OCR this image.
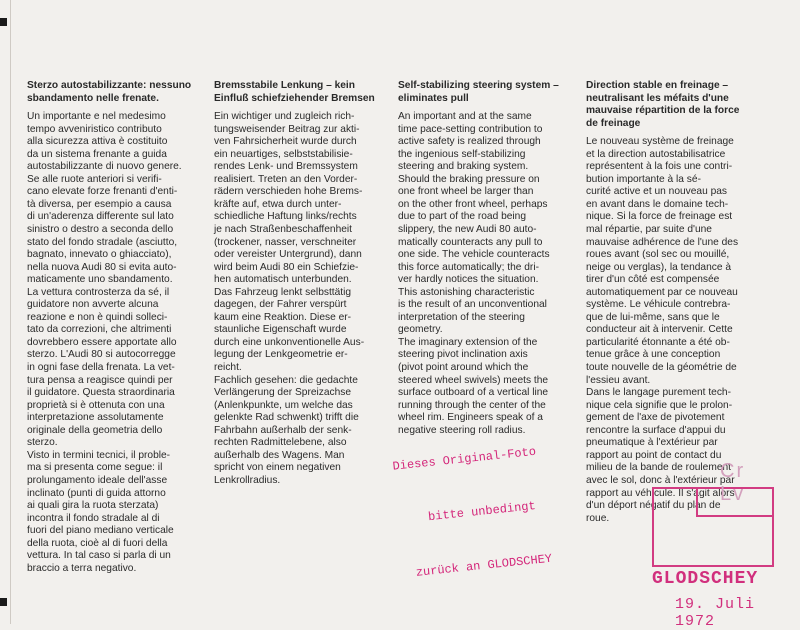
Sterzo autostabilizzante: nessuno
sbandamento nelle frenate.

Un importante e nel medesimo
tempo avveniristico contributo
alla sicurezza attiva è costituito
da un sistema frenante a guida
autostabilizzante di nuovo genere.
Se alle ruote anteriori si verifi-
cano elevate forze frenanti d'enti-
tà diversa, per esempio a causa
di un'aderenza differente sul lato
sinistro o destro a seconda dello
stato del fondo stradale (asciutto,
bagnato, innevato o ghiacciato),
nella nuova Audi 80 si evita auto-
maticamente uno sbandamento.
La vettura controsterza da sé, il
guidatore non avverte alcuna
reazione e non è quindi solleci-
tato da correzioni, che altrimenti
dovrebbero essere apportate allo
sterzo. L'Audi 80 si autocorregge
in ogni fase della frenata. La vet-
tura pensa a reagisce quindi per
il guidatore. Questa straordinaria
proprietà si è ottenuta con una
interpretazione assolutamente
originale della geometria dello
sterzo.
Visto in termini tecnici, il proble-
ma si presenta come segue: il
prolungamento ideale dell'asse
inclinato (punti di guida attorno
ai quali gira la ruota sterzata)
incontra il fondo stradale al di
fuori del piano mediano verticale
della ruota, cioè al di fuori della
vettura. In tal caso si parla di un
braccio a terra negativo.

Bremsstabile Lenkung – kein
Einfluß schiefziehender Bremsen

Ein wichtiger und zugleich rich-
tungsweisender Beitrag zur akti-
ven Fahrsicherheit wurde durch
ein neuartiges, selbststabilisie-
rendes Lenk- und Bremssystem
realisiert. Treten an den Vorder-
rädern verschieden hohe Brems-
kräfte auf, etwa durch unter-
schiedliche Haftung links/rechts
je nach Straßenbeschaffenheit
(trockener, nasser, verschneiter
oder vereister Untergrund), dann
wird beim Audi 80 ein Schiefzie-
hen automatisch unterbunden.
Das Fahrzeug lenkt selbsttätig
dagegen, der Fahrer verspürt
kaum eine Reaktion. Diese er-
staunliche Eigenschaft wurde
durch eine unkonventionelle Aus-
legung der Lenkgeometrie er-
reicht.
Fachlich gesehen: die gedachte
Verlängerung der Spreizachse
(Anlenkpunkte, um welche das
gelenkte Rad schwenkt) trifft die
Fahrbahn außerhalb der senk-
rechten Radmittelebene, also
außerhalb des Wagens. Man
spricht von einem negativen
Lenkrollradius.

Self-stabilizing steering system –
eliminates pull

An important and at the same
time pace-setting contribution to
active safety is realized through
the ingenious self-stabilizing
steering and braking system.
Should the braking pressure on
one front wheel be larger than
on the other front wheel, perhaps
due to part of the road being
slippery, the new Audi 80 auto-
matically counteracts any pull to
one side. The vehicle counteracts
this force automatically; the dri-
ver hardly notices the situation.
This astonishing characteristic
is the result of an unconventional
interpretation of the steering
geometry.
The imaginary extension of the
steering pivot inclination axis
(pivot point around which the
steered wheel swivels) meets the
surface outboard of a vertical line
running through the center of the
wheel rim. Engineers speak of a
negative steering roll radius.

Direction stable en freinage –
neutralisant les méfaits d'une
mauvaise répartition de la force
de freinage

Le nouveau système de freinage
et la direction autostabilisatrice
représentent à la fois une contri-
bution importante à la sé-
curité active et un nouveau pas
en avant dans le domaine tech-
nique. Si la force de freinage est
mal répartie, par suite d'une
mauvaise adhérence de l'une des
roues avant (sol sec ou mouillé,
neige ou verglas), la tendance à
tirer d'un côté est compensée
automatiquement par ce nouveau
système. Le véhicule contrebra-
que de lui-même, sans que le
conducteur ait à intervenir. Cette
particularité étonnante a été ob-
tenue grâce à une conception
toute nouvelle de la géométrie de
l'essieu avant.
Dans le langage purement tech-
nique cela signifie que le prolon-
gement de l'axe de pivotement
rencontre la surface d'appui du
pneumatique à l'extérieur par
rapport au point de contact du
milieu de la bande de roulement
avec le sol, donc à l'extérieur par
rapport au véhicule. Il s'agit alors
d'un déport négatif du plan de
roue.

Dieses Original-Foto

bitte unbedingt

zurück an GLODSCHEY

Cr Lv
GLODSCHEY
19. Juli 1972
